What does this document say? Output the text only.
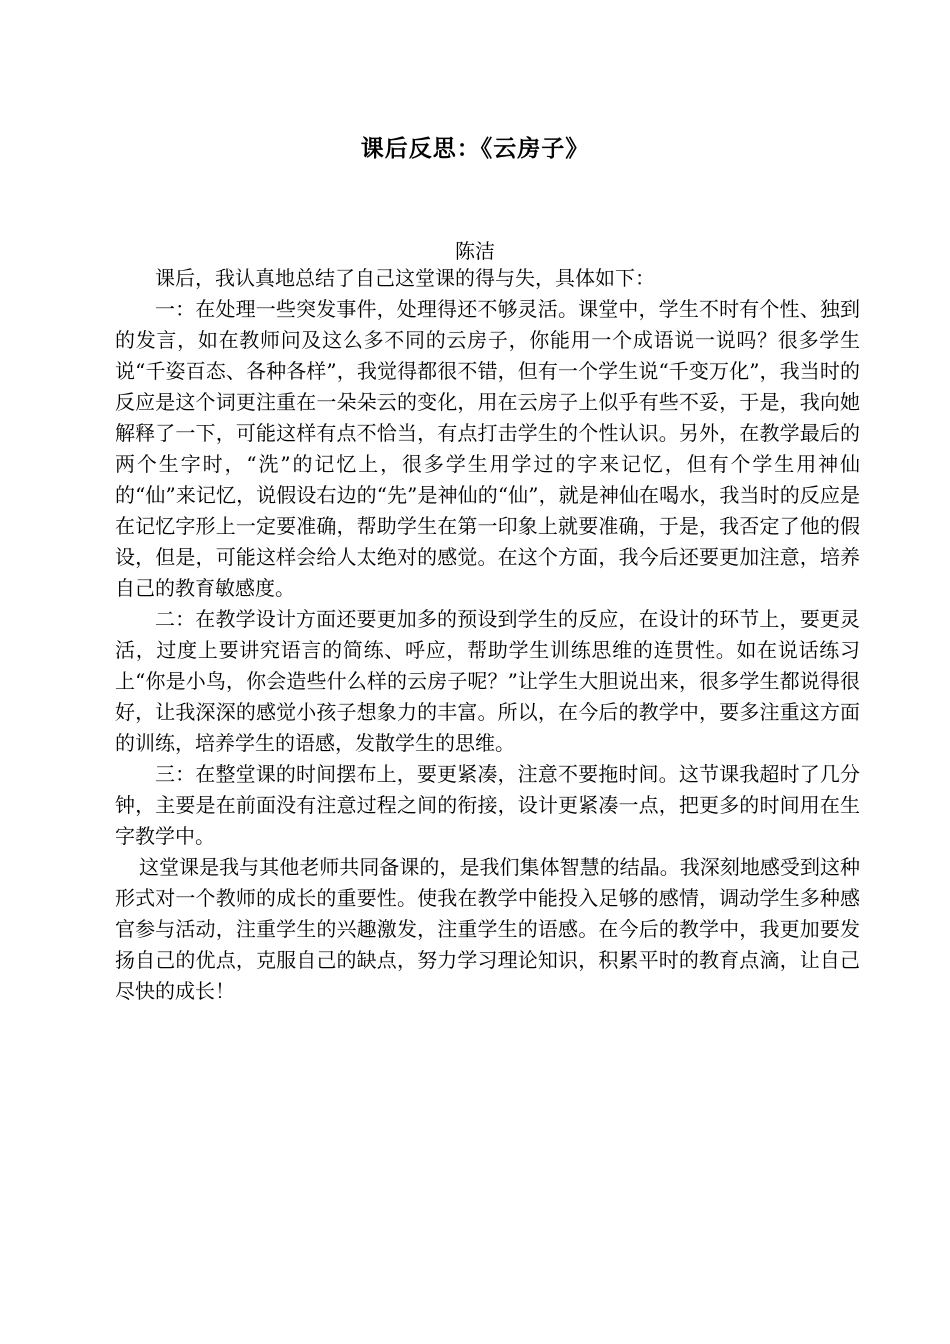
课后反思：《云房子》
陈洁

课后，我认真地总结了自己这堂课的得与失，具体如下：

一：在处理一些突发事件，处理得还不够灵活。课堂中，学生不时有个性、独到的发言，如在教师问及这么多不同的云房子，你能用一个成语说一说吗？很多学生说“千姿百态、各种各样”，我觉得都很不错，但有一个学生说“千变万化”，我当时的反应是这个词更注重在一朵朵云的变化，用在云房子上似乎有些不妥，于是，我向她解释了一下，可能这样有点不恰当，有点打击学生的个性认识。另外，在教学最后的两个生字时，“洗”的记忆上，很多学生用学过的字来记忆，但有个学生用神仙的“仙”来记忆，说假设右边的“先”是神仙的“仙”，就是神仙在喝水，我当时的反应是在记忆字形上一定要准确，帮助学生在第一印象上就要准确，于是，我否定了他的假设，但是，可能这样会给人太绝对的感觉。在这个方面，我今后还要更加注意，培养自己的教育敏感度。

二：在教学设计方面还要更加多的预设到学生的反应，在设计的环节上，要更灵活，过度上要讲究语言的简练、呼应，帮助学生训练思维的连贯性。如在说话练习上“你是小鸟，你会造些什么样的云房子呢？”让学生大胆说出来，很多学生都说得很好，让我深深的感觉小孩子想象力的丰富。所以，在今后的教学中，要多注重这方面的训练，培养学生的语感，发散学生的思维。

三：在整堂课的时间摆布上，要更紧凑，注意不要拖时间。这节课我超时了几分钟，主要是在前面没有注意过程之间的衔接，设计更紧凑一点，把更多的时间用在生字教学中。

这堂课是我与其他老师共同备课的，是我们集体智慧的结晶。我深刻地感受到这种形式对一个教师的成长的重要性。使我在教学中能投入足够的感情，调动学生多种感官参与活动，注重学生的兴趣激发，注重学生的语感。在今后的教学中，我更加要发扬自己的优点，克服自己的缺点，努力学习理论知识，积累平时的教育点滴，让自己尽快的成长！
